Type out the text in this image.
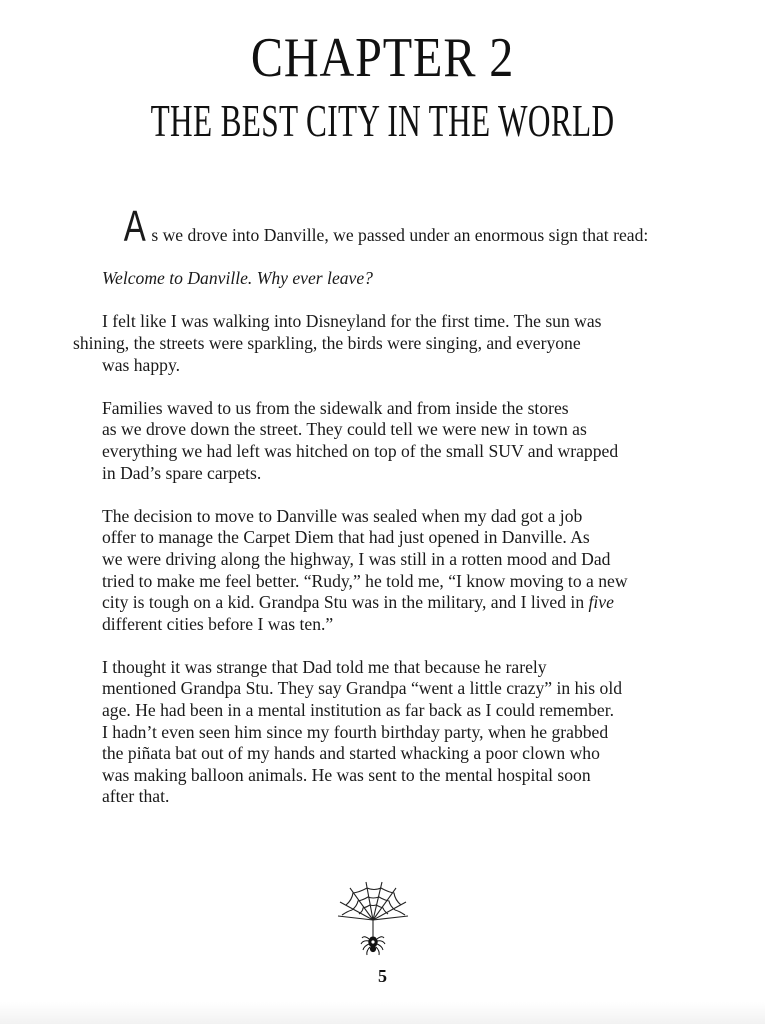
CHAPTER 2
THE BEST CITY IN THE WORLD

As we drove into Danville, we passed under an enormous sign that read:

Welcome to Danville. Why ever leave?

I felt like I was walking into Disneyland for the first time. The sun was
shining, the streets were sparkling, the birds were singing, and everyone
was happy.

Families waved to us from the sidewalk and from inside the stores
as we drove down the street. They could tell we were new in town as
everything we had left was hitched on top of the small SUV and wrapped
in Dad’s spare carpets.

The decision to move to Danville was sealed when my dad got a job
offer to manage the Carpet Diem that had just opened in Danville. As
we were driving along the highway, I was still in a rotten mood and Dad
tried to make me feel better. “Rudy,” he told me, “I know moving to a new
city is tough on a kid. Grandpa Stu was in the military, and I lived in five
different cities before I was ten.”

I thought it was strange that Dad told me that because he rarely
mentioned Grandpa Stu. They say Grandpa “went a little crazy” in his old
age. He had been in a mental institution as far back as I could remember.
I hadn’t even seen him since my fourth birthday party, when he grabbed
the piñata bat out of my hands and started whacking a poor clown who
was making balloon animals. He was sent to the mental hospital soon
after that.

5
